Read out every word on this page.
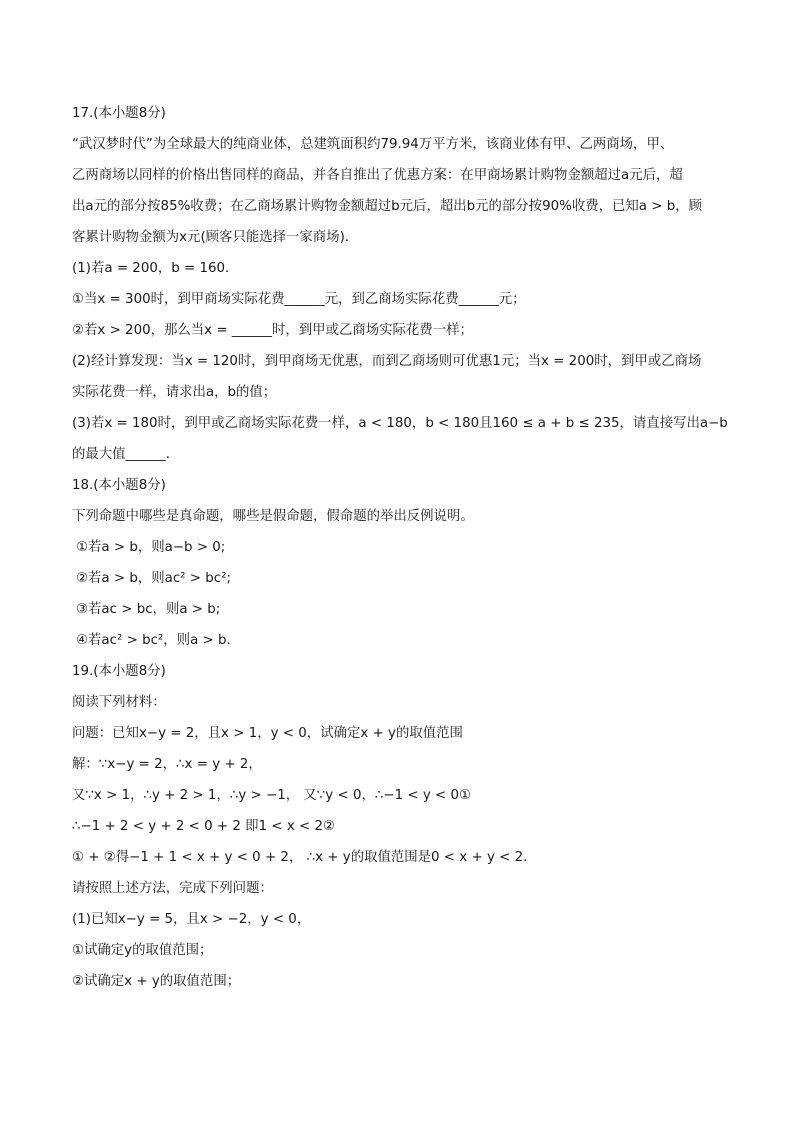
17.(本小题8分)
“武汉梦时代”为全球最大的纯商业体，总建筑面积约79.94万平方米，该商业体有甲、乙两商场，甲、
乙两商场以同样的价格出售同样的商品，并各自推出了优惠方案：在甲商场累计购物金额超过a元后，超
出a元的部分按85%收费；在乙商场累计购物金额超过b元后，超出b元的部分按90%收费，已知a > b，顾
客累计购物金额为x元(顾客只能选择一家商场)．
(1)若a = 200，b = 160．
①当x = 300时，到甲商场实际花费______元，到乙商场实际花费______元；
②若x > 200，那么当x = ______时，到甲或乙商场实际花费一样；
(2)经计算发现：当x = 120时，到甲商场无优惠，而到乙商场则可优惠1元；当x = 200时，到甲或乙商场
实际花费一样，请求出a，b的值；
(3)若x = 180时，到甲或乙商场实际花费一样，a < 180，b < 180且160 ≤ a + b ≤ 235，请直接写出a−b
的最大值______．
18.(本小题8分)
下列命题中哪些是真命题，哪些是假命题，假命题的举出反例说明。
①若a > b，则a−b > 0;
②若a > b，则ac² > bc²;
③若ac > bc，则a > b;
④若ac² > bc²，则a > b．
19.(本小题8分)
阅读下列材料：
问题：已知x−y = 2，且x > 1，y < 0，试确定x + y的取值范围
解：∵x−y = 2，∴x = y + 2，
又∵x > 1，∴y + 2 > 1，∴y > −1， 又∵y < 0，∴−1 < y < 0①
∴−1 + 2 < y + 2 < 0 + 2 即1 < x < 2②
① + ②得−1 + 1 < x + y < 0 + 2， ∴x + y的取值范围是0 < x + y < 2．
请按照上述方法，完成下列问题：
(1)已知x−y = 5，且x > −2，y < 0，
①试确定y的取值范围；
②试确定x + y的取值范围；
